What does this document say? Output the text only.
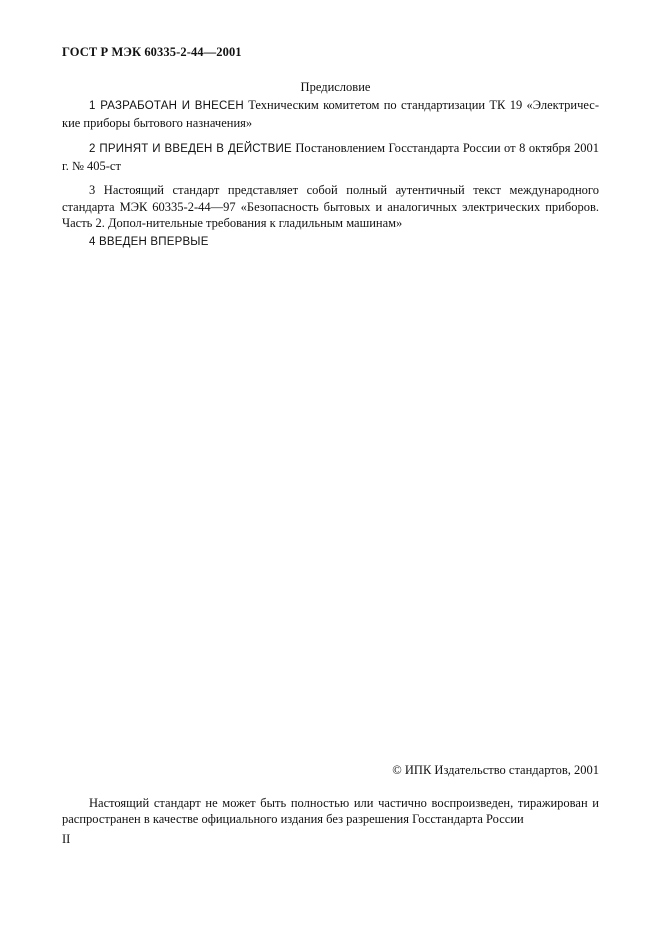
ГОСТ Р МЭК 60335-2-44—2001
Предисловие
1 РАЗРАБОТАН И ВНЕСЕН Техническим комитетом по стандартизации ТК 19 «Электричес-кие приборы бытового назначения»
2 ПРИНЯТ И ВВЕДЕН В ДЕЙСТВИЕ Постановлением Госстандарта России от 8 октября 2001 г. № 405-ст
3 Настоящий стандарт представляет собой полный аутентичный текст международного стандарта МЭК 60335-2-44—97 «Безопасность бытовых и аналогичных электрических приборов. Часть 2. Допол-нительные требования к гладильным машинам»
4 ВВЕДЕН ВПЕРВЫЕ
© ИПК Издательство стандартов, 2001
Настоящий стандарт не может быть полностью или частично воспроизведен, тиражирован и распространен в качестве официального издания без разрешения Госстандарта России
II
